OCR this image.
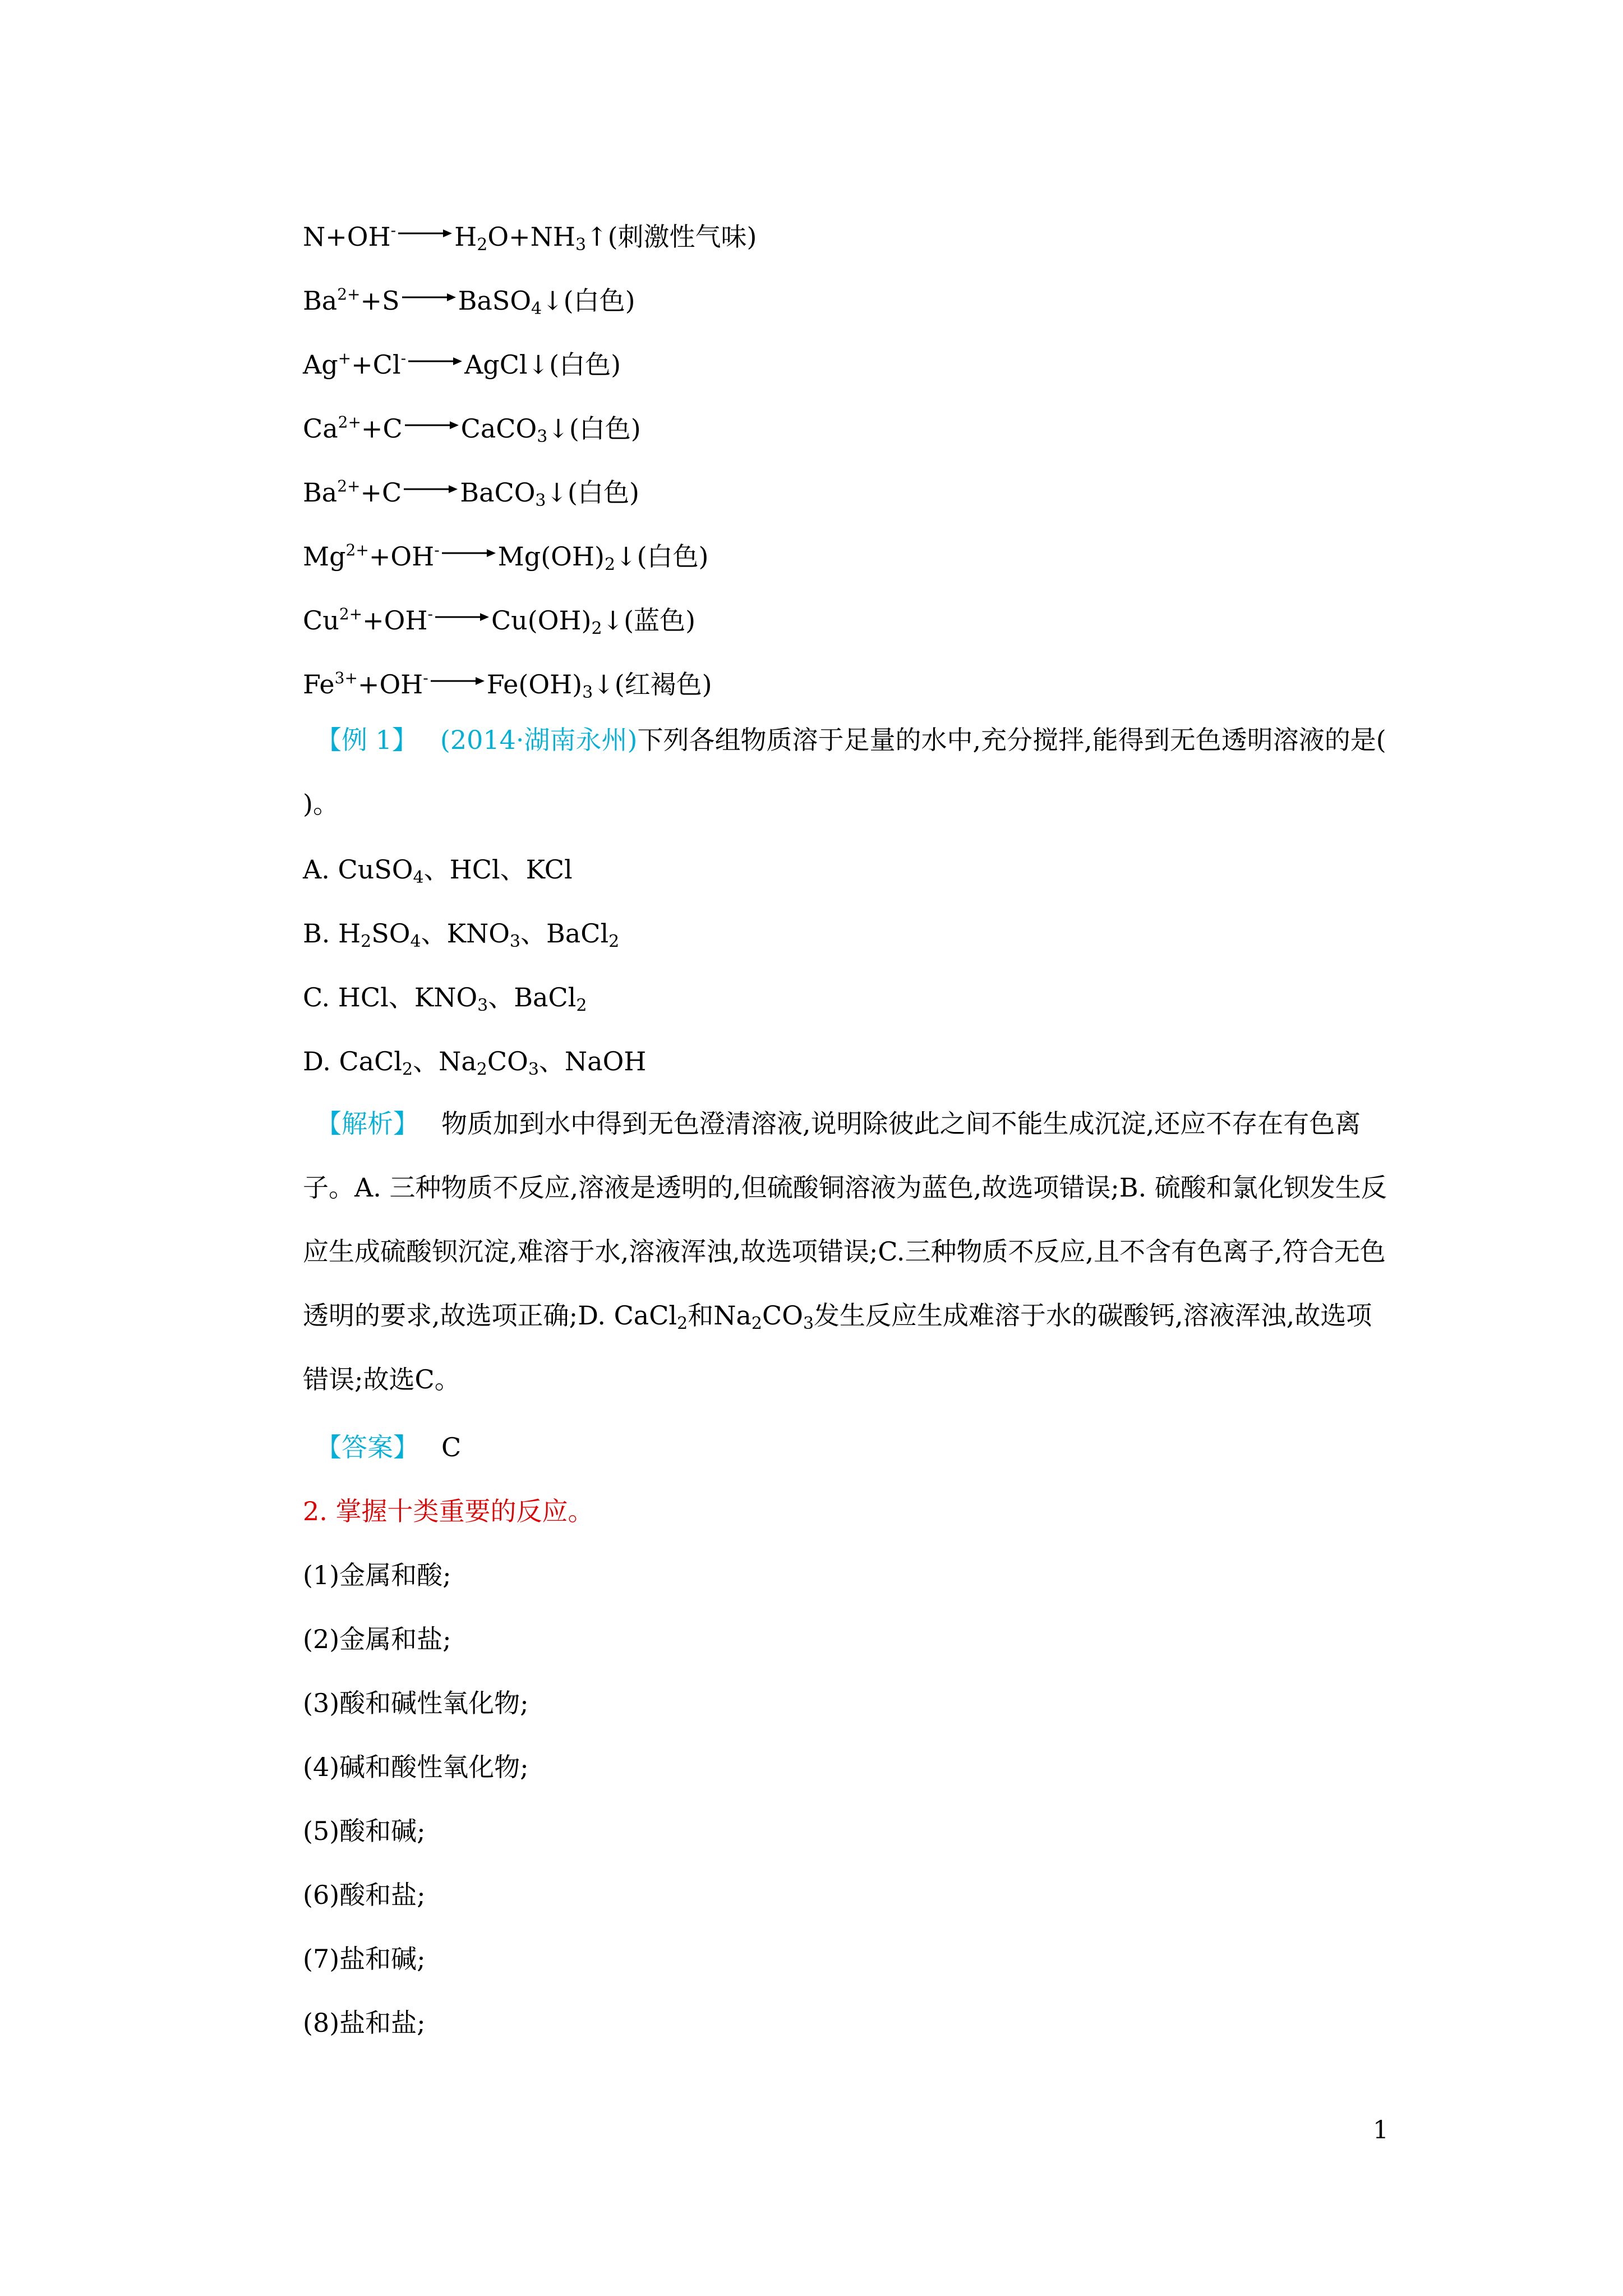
$N+OH^- \to H_2O+NH_3↑$(刺激性气味)
$Ba^{2+}+S$ → BaSO$_4$↓(白色)
Ag++Cl- → AgCl↓(白色)
$Ca^{2+}+C$ → CaCO$_3$↓(白色)
$Ba^{2+}+C$ → BaCO$_3$↓(白色)
$Mg^{2+}+OH^-$ → $Mg(OH)_2↓$(白色)
$Cu^{2+}+OH^-$ → $Cu(OH)_2↓$(蓝色)
$Fe^{3+}+OH^-$ → $Fe(OH)_3↓$(红褐色)
　【例 1】 (2014·湖南永州)下列各组物质溶于足量的水中,充分搅拌,能得到无色透明溶液的是(　　)。
A. CuSO$_4$、HCl、KCl
B. $H_2SO_4$、$KNO_3$、BaCl$_2$
C. HCl、$KNO_3$、BaCl$_2$
D. CaCl$_2$、$Na_2CO_3$、NaOH
　【解析】 物质加到水中得到无色澄清溶液,说明除彼此之间不能生成沉淀,还应不存在有色离子。A. 三种物质不反应,溶液是透明的,但硫酸铜溶液为蓝色,故选项错误;B. 硫酸和氯化钡发生反应生成硫酸钡沉淀,难溶于水,溶液浑浊,故选项错误;C.三种物质不反应,且不含有色离子,符合无色透明的要求,故选项正确;D. CaCl$_2$和$Na_2CO_3$发生反应生成难溶于水的碳酸钙,溶液浑浊,故选项错误;故选C。
　【答案】 C
2. 掌握十类重要的反应。
(1)金属和酸;
(2)金属和盐;
(3)酸和碱性氧化物;
(4)碱和酸性氧化物;
(5)酸和碱;
(6)酸和盐;
(7)盐和碱;
(8)盐和盐;
1
